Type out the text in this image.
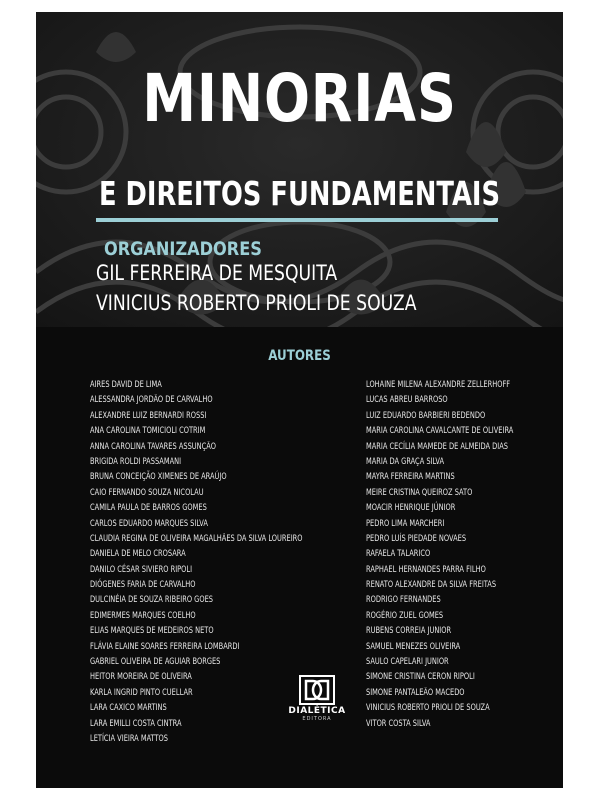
MINORIAS
E DIREITOS FUNDAMENTAIS
ORGANIZADORES
GIL FERREIRA DE MESQUITA
VINICIUS ROBERTO PRIOLI DE SOUZA
AUTORES
AIRES DAVID DE LIMA
ALESSANDRA JORDÃO DE CARVALHO
ALEXANDRE LUIZ BERNARDI ROSSI
ANA CAROLINA TOMICIOLI COTRIM
ANNA CAROLINA TAVARES ASSUNÇÃO
BRIGIDA ROLDI PASSAMANI
BRUNA CONCEIÇÃO XIMENES DE ARAÚJO
CAIO FERNANDO SOUZA NICOLAU
CAMILA PAULA DE BARROS GOMES
CARLOS EDUARDO MARQUES SILVA
CLAUDIA REGINA DE OLIVEIRA MAGALHÃES DA SILVA LOUREIRO
DANIELA DE MELO CROSARA
DANILO CÉSAR SIVIERO RIPOLI
DIÓGENES FARIA DE CARVALHO
DULCINÉIA DE SOUZA RIBEIRO GOES
EDIMERMES MARQUES COELHO
ELIAS MARQUES DE MEDEIROS NETO
FLÁVIA ELAINE SOARES FERREIRA LOMBARDI
GABRIEL OLIVEIRA DE AGUIAR BORGES
HEITOR MOREIRA DE OLIVEIRA
KARLA INGRID PINTO CUELLAR
LARA CAXICO MARTINS
LARA EMILLI COSTA CINTRA
LETÍCIA VIEIRA MATTOS
LOHAINE MILENA ALEXANDRE ZELLERHOFF
LUCAS ABREU BARROSO
LUIZ EDUARDO BARBIERI BEDENDO
MARIA CAROLINA CAVALCANTE DE OLIVEIRA
MARIA CECÍLIA MAMEDE DE ALMEIDA DIAS
MARIA DA GRAÇA SILVA
MAYRA FERREIRA MARTINS
MEIRE CRISTINA QUEIROZ SATO
MOACIR HENRIQUE JÚNIOR
PEDRO LIMA MARCHERI
PEDRO LUÍS PIEDADE NOVAES
RAFAELA TALARICO
RAPHAEL HERNANDES PARRA FILHO
RENATO ALEXANDRE DA SILVA FREITAS
RODRIGO FERNANDES
ROGÉRIO ZUEL GOMES
RUBENS CORREIA JUNIOR
SAMUEL MENEZES OLIVEIRA
SAULO CAPELARI JUNIOR
SIMONE CRISTINA CERON RIPOLI
SIMONE PANTALEÃO MACEDO
VINICIUS ROBERTO PRIOLI DE SOUZA
VITOR COSTA SILVA
DIALÉTICA
EDITORA
